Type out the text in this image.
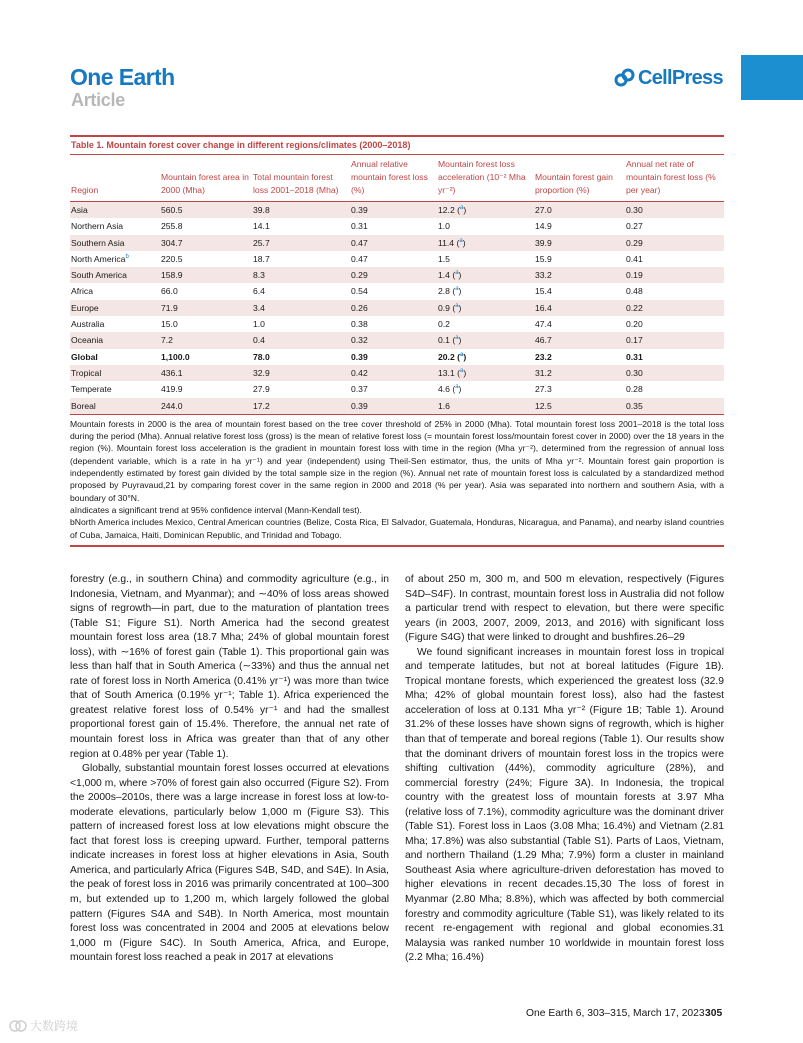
One Earth
Article
CellPress
Table 1. Mountain forest cover change in different regions/climates (2000–2018)
Region	Mountain forest area in 2000 (Mha)	Total mountain forest loss 2001–2018 (Mha)	Annual relative mountain forest loss (%)	Mountain forest loss acceleration (10⁻² Mha yr⁻²)	Mountain forest gain proportion (%)	Annual net rate of mountain forest loss (% per year)
Asia	560.5	39.8	0.39	12.2 ($^a$)	27.0	0.30
Northern Asia	255.8	14.1	0.31	1.0	14.9	0.27
Southern Asia	304.7	25.7	0.47	11.4 ($^a$)	39.9	0.29
North America$^b$	220.5	18.7	0.47	1.5	15.9	0.41
South America	158.9	8.3	0.29	1.4 ($^a$)	33.2	0.19
Africa	66.0	6.4	0.54	2.8 ($^a$)	15.4	0.48
Europe	71.9	3.4	0.26	0.9 ($^a$)	16.4	0.22
Australia	15.0	1.0	0.38	0.2	47.4	0.20
Oceania	7.2	0.4	0.32	0.1 ($^a$)	46.7	0.17
Global	1,100.0	78.0	0.39	20.2 ($^a$)	23.2	0.31
Tropical	436.1	32.9	0.42	13.1 ($^a$)	31.2	0.30
Temperate	419.9	27.9	0.37	4.6 ($^a$)	27.3	0.28
Boreal	244.0	17.2	0.39	1.6	12.5	0.35

Mountain forests in 2000 is the area of mountain forest based on the tree cover threshold of 25% in 2000 (Mha). Total mountain forest loss 2001–2018 is the total loss during the period (Mha). Annual relative forest loss (gross) is the mean of relative forest loss (= mountain forest loss/mountain forest cover in 2000) over the 18 years in the region (%). Mountain forest loss acceleration is the gradient in mountain forest loss with time in the region (Mha yr⁻²), determined from the regression of annual loss (dependent variable, which is a rate in ha yr⁻¹) and year (independent) using Theil-Sen estimator, thus, the units of Mha yr⁻². Mountain forest gain proportion is independently estimated by forest gain divided by the total sample size in the region (%). Annual net rate of mountain forest loss is calculated by a standardized method proposed by Puyravaud,21 by comparing forest cover in the same region in 2000 and 2018 (% per year). Asia was separated into northern and southern Asia, with a boundary of 30°N.

aIndicates a significant trend at 95% confidence interval (Mann-Kendall test).

bNorth America includes Mexico, Central American countries (Belize, Costa Rica, El Salvador, Guatemala, Honduras, Nicaragua, and Panama), and nearby island countries of Cuba, Jamaica, Haiti, Dominican Republic, and Trinidad and Tobago.

forestry (e.g., in southern China) and commodity agriculture (e.g., in Indonesia, Vietnam, and Myanmar); and ∼40% of loss areas showed signs of regrowth—in part, due to the maturation of plantation trees (Table S1; Figure S1). North America had the second greatest mountain forest loss area (18.7 Mha; 24% of global mountain forest loss), with ∼16% of forest gain (Table 1). This proportional gain was less than half that in South America (∼33%) and thus the annual net rate of forest loss in North America (0.41% yr⁻¹) was more than twice that of South America (0.19% yr⁻¹; Table 1). Africa experienced the greatest relative forest loss of 0.54% yr⁻¹ and had the smallest proportional forest gain of 15.4%. Therefore, the annual net rate of mountain forest loss in Africa was greater than that of any other region at 0.48% per year (Table 1).

Globally, substantial mountain forest losses occurred at elevations <1,000 m, where >70% of forest gain also occurred (Figure S2). From the 2000s–2010s, there was a large increase in forest loss at low-to-moderate elevations, particularly below 1,000 m (Figure S3). This pattern of increased forest loss at low elevations might obscure the fact that forest loss is creeping upward. Further, temporal patterns indicate increases in forest loss at higher elevations in Asia, South America, and particularly Africa (Figures S4B, S4D, and S4E). In Asia, the peak of forest loss in 2016 was primarily concentrated at 100–300 m, but extended up to 1,200 m, which largely followed the global pattern (Figures S4A and S4B). In North America, most mountain forest loss was concentrated in 2004 and 2005 at elevations below 1,000 m (Figure S4C). In South America, Africa, and Europe, mountain forest loss reached a peak in 2017 at elevations

of about 250 m, 300 m, and 500 m elevation, respectively (Figures S4D–S4F). In contrast, mountain forest loss in Australia did not follow a particular trend with respect to elevation, but there were specific years (in 2003, 2007, 2009, 2013, and 2016) with significant loss (Figure S4G) that were linked to drought and bushfires.26–29

We found significant increases in mountain forest loss in tropical and temperate latitudes, but not at boreal latitudes (Figure 1B). Tropical montane forests, which experienced the greatest loss (32.9 Mha; 42% of global mountain forest loss), also had the fastest acceleration of loss at 0.131 Mha yr⁻² (Figure 1B; Table 1). Around 31.2% of these losses have shown signs of regrowth, which is higher than that of temperate and boreal regions (Table 1). Our results show that the dominant drivers of mountain forest loss in the tropics were shifting cultivation (44%), commodity agriculture (28%), and commercial forestry (24%; Figure 3A). In Indonesia, the tropical country with the greatest loss of mountain forests at 3.97 Mha (relative loss of 7.1%), commodity agriculture was the dominant driver (Table S1). Forest loss in Laos (3.08 Mha; 16.4%) and Vietnam (2.81 Mha; 17.8%) was also substantial (Table S1). Parts of Laos, Vietnam, and northern Thailand (1.29 Mha; 7.9%) form a cluster in mainland Southeast Asia where agriculture-driven deforestation has moved to higher elevations in recent decades.15,30 The loss of forest in Myanmar (2.80 Mha; 8.8%), which was affected by both commercial forestry and commodity agriculture (Table S1), was likely related to its recent re-engagement with regional and global economies.31 Malaysia was ranked number 10 worldwide in mountain forest loss (2.2 Mha; 16.4%)

One Earth 6, 303–315, March 17, 2023 305
大数跨境
